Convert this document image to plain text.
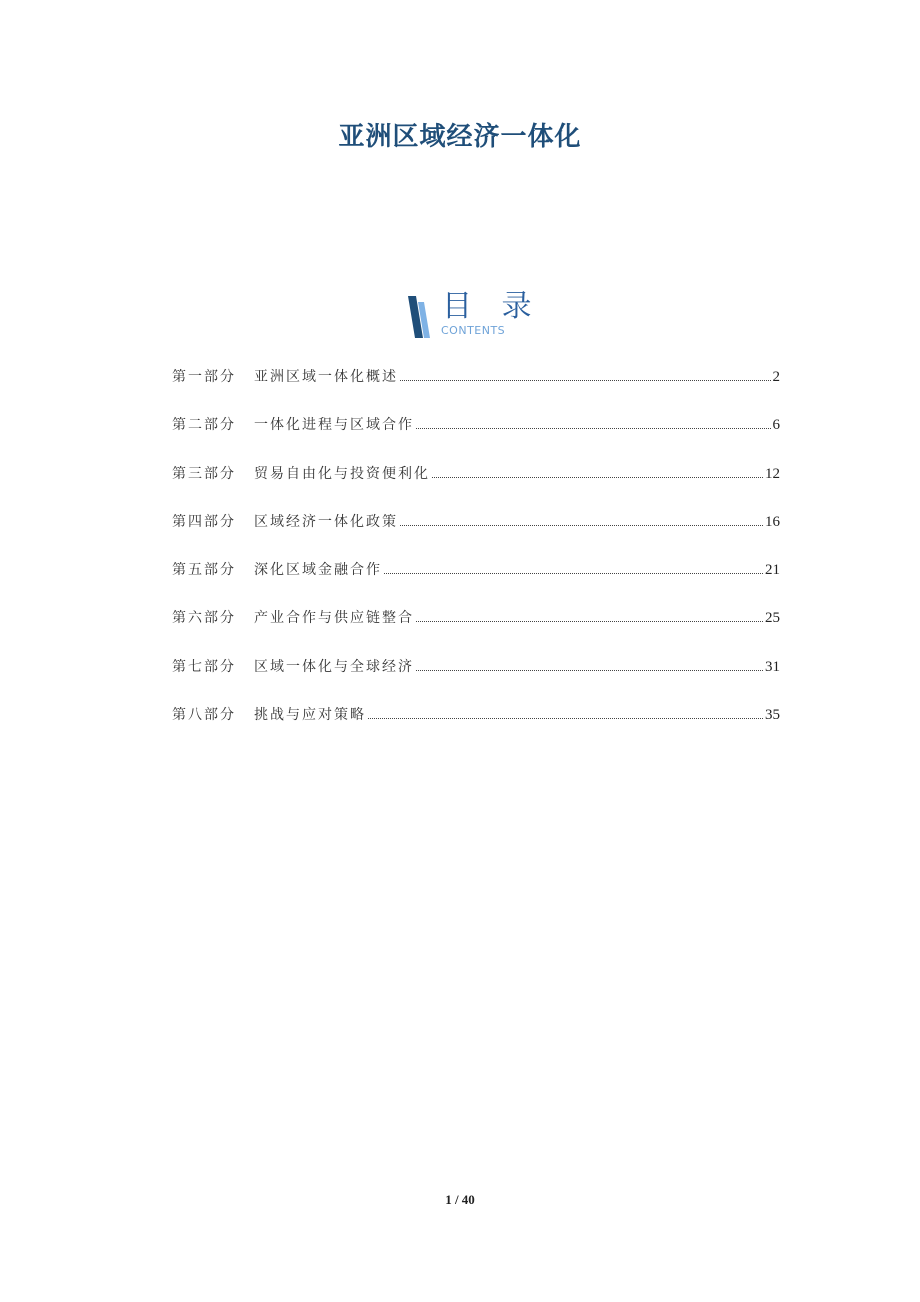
亚洲区域经济一体化
目 录
CONTENTS
第一部分	亚洲区域一体化概述	2
第二部分	一体化进程与区域合作	6
第三部分	贸易自由化与投资便利化	12
第四部分	区域经济一体化政策	16
第五部分	深化区域金融合作	21
第六部分	产业合作与供应链整合	25
第七部分	区域一体化与全球经济	31
第八部分	挑战与应对策略	35
1 / 40
